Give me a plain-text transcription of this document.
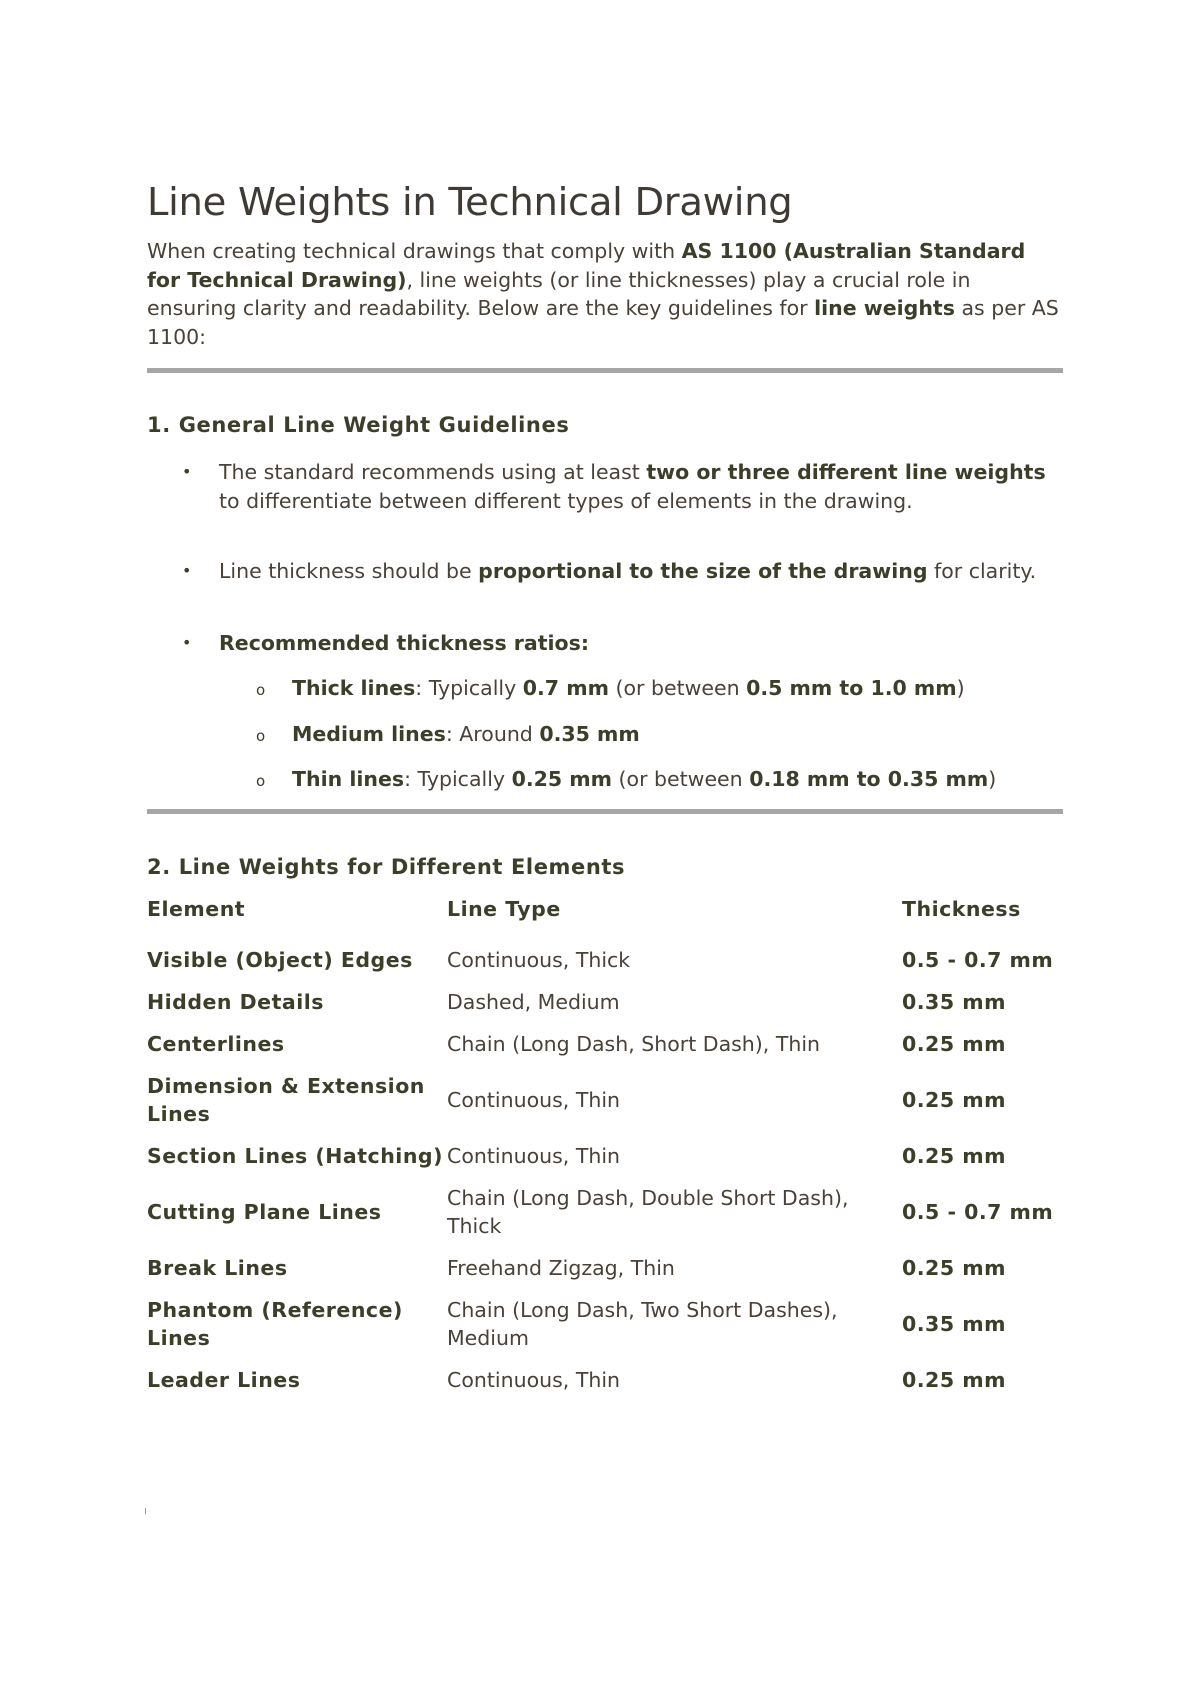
Line Weights in Technical Drawing

When creating technical drawings that comply with AS 1100 (Australian Standard for Technical Drawing), line weights (or line thicknesses) play a crucial role in ensuring clarity and readability. Below are the key guidelines for line weights as per AS 1100:

1. General Line Weight Guidelines
• The standard recommends using at least two or three different line weights to differentiate between different types of elements in the drawing.
• Line thickness should be proportional to the size of the drawing for clarity.
• Recommended thickness ratios:
o Thick lines: Typically 0.7 mm (or between 0.5 mm to 1.0 mm)
o Medium lines: Around 0.35 mm
o Thin lines: Typically 0.25 mm (or between 0.18 mm to 0.35 mm)
2. Line Weights for Different Elements
Element	Line Type	Thickness
Visible (Object) Edges	Continuous, Thick	0.5 - 0.7 mm
Hidden Details	Dashed, Medium	0.35 mm
Centerlines	Chain (Long Dash, Short Dash), Thin	0.25 mm
Dimension & Extension Lines	Continuous, Thin	0.25 mm
Section Lines (Hatching)	Continuous, Thin	0.25 mm
Cutting Plane Lines	Chain (Long Dash, Double Short Dash), Thick	0.5 - 0.7 mm
Break Lines	Freehand Zigzag, Thin	0.25 mm
Phantom (Reference) Lines	Chain (Long Dash, Two Short Dashes), Medium	0.35 mm
Leader Lines	Continuous, Thin	0.25 mm
